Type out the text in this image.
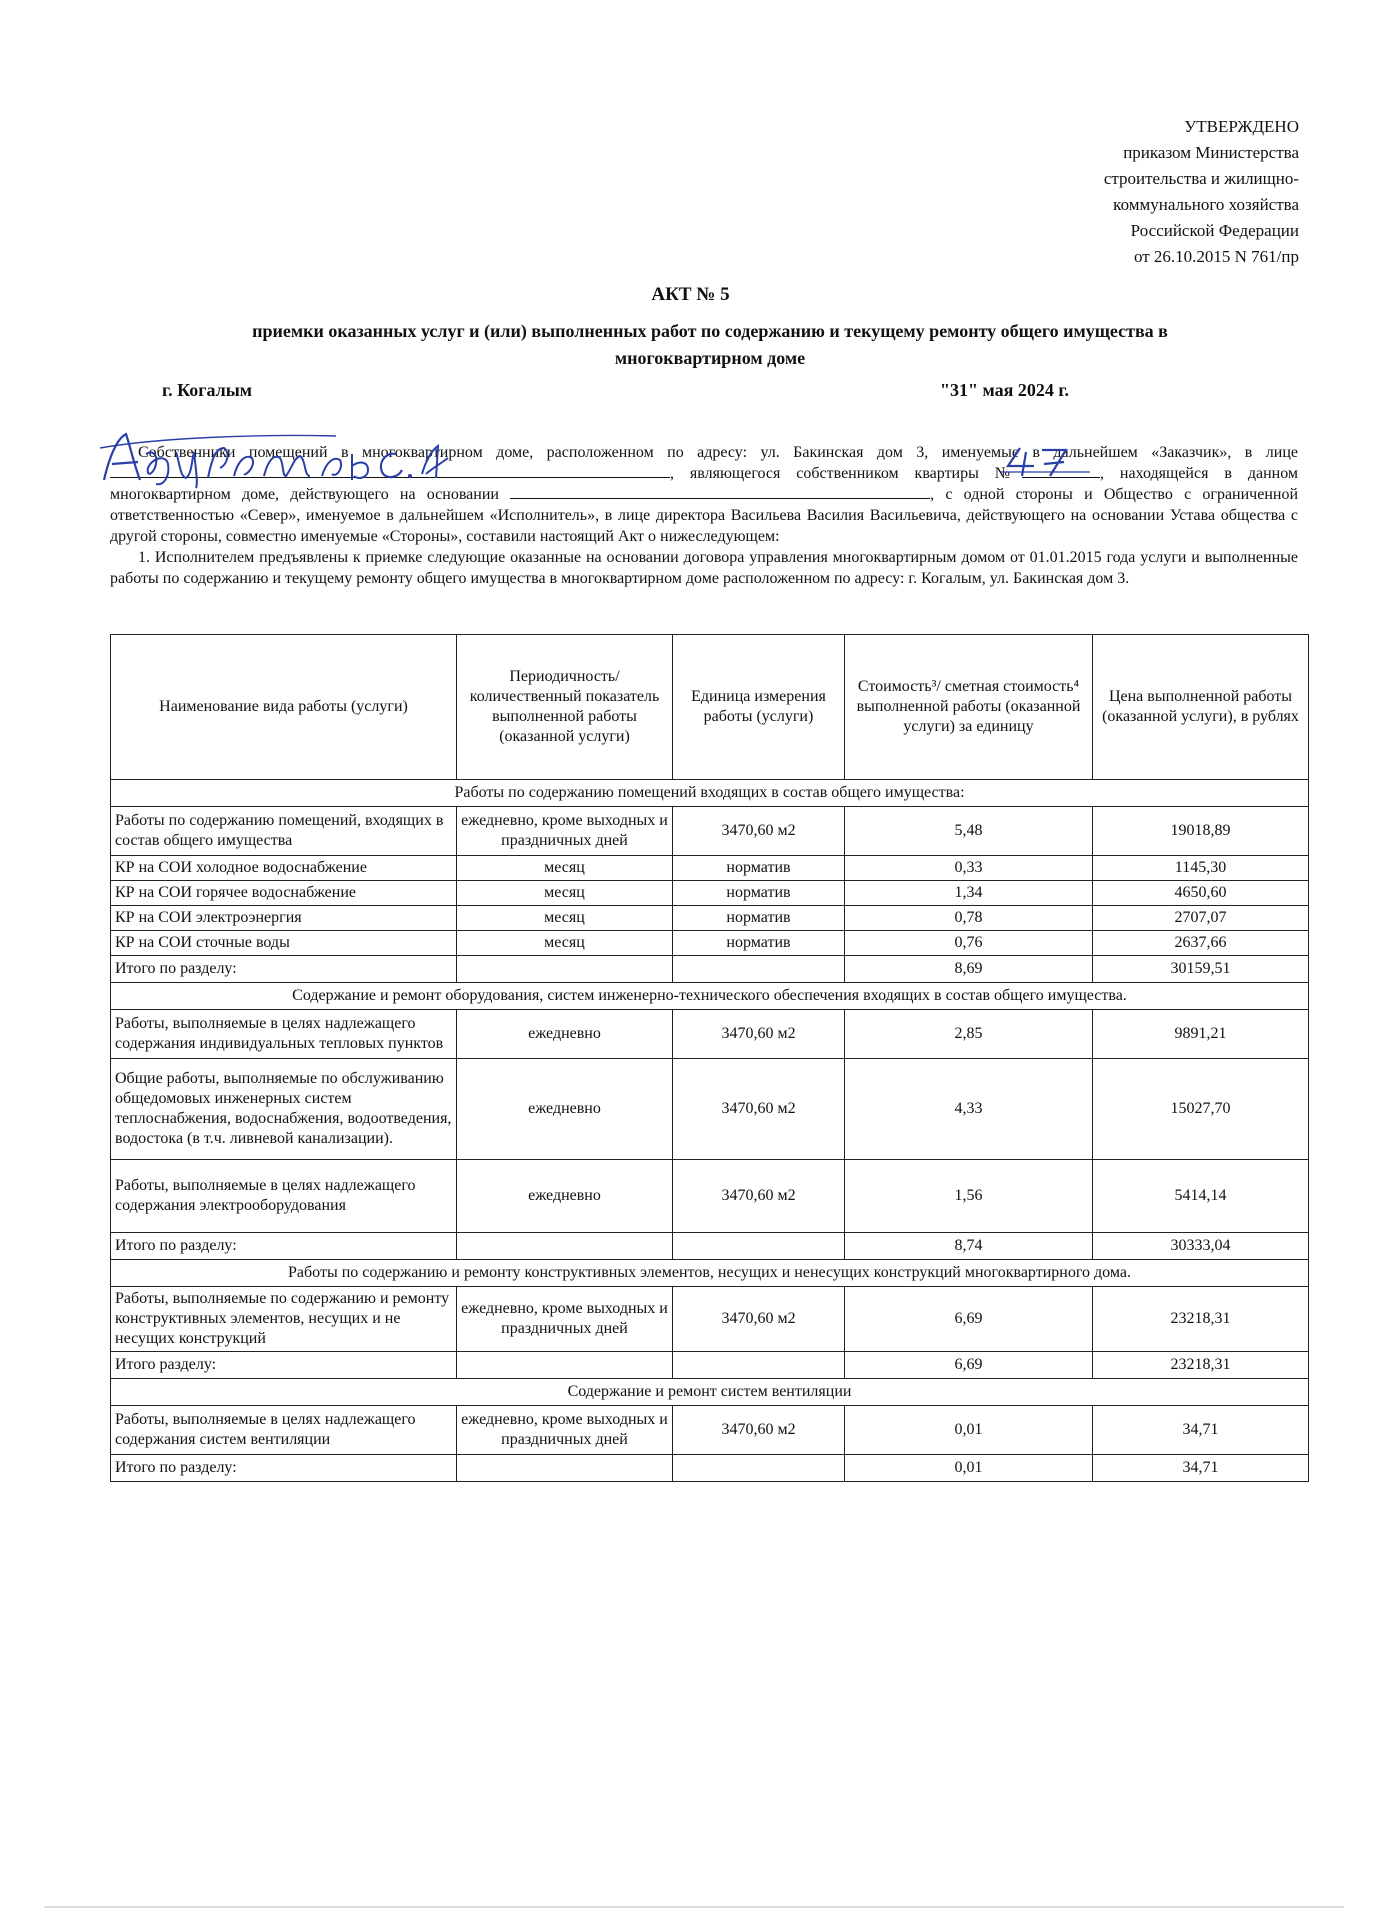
УТВЕРЖДЕНО
приказом Министерства
строительства и жилищно-
коммунального хозяйства
Российской Федерации
от 26.10.2015 N 761/пр
АКТ № 5
приемки оказанных услуг и (или) выполненных работ по содержанию и текущему ремонту общего имущества в многоквартирном доме
г. Когалым	"31" мая 2024 г.

Собственники помещений в многоквартирном доме, расположенном по адресу: ул. Бакинская дом 3, именуемые в дальнейшем «Заказчик», в лице , являющегося собственником квартиры №	, находящейся в данном многоквартирном доме, действующего на основании	, с одной стороны и Общество с ограниченной ответственностью «Север», именуемое в дальнейшем «Исполнитель», в лице директора Васильева Василия Васильевича, действующего на основании Устава общества с другой стороны, совместно именуемые «Стороны», составили настоящий Акт о нижеследующем:

1. Исполнителем предъявлены к приемке следующие оказанные на основании договора управления многоквартирным домом от 01.01.2015 года услуги и выполненные работы по содержанию и текущему ремонту общего имущества в многоквартирном доме расположенном по адресу: г. Когалым, ул. Бакинская дом 3.

Наименование вида работы (услуги)	Периодичность/ количественный показатель выполненной работы (оказанной услуги)	Единица измерения работы (услуги)	Стоимость³/ сметная стоимость⁴ выполненной работы (оказанной услуги) за единицу	Цена выполненной работы (оказанной услуги), в рублях
Работы по содержанию помещений входящих в состав общего имущества:				
Работы по содержанию помещений, входящих в состав общего имущества	ежедневно, кроме выходных и праздничных дней	3470,60 м2	5,48	19018,89
КР на СОИ холодное водоснабжение	месяц	норматив	0,33	1145,30
КР на СОИ горячее водоснабжение	месяц	норматив	1,34	4650,60
КР на СОИ электроэнергия	месяц	норматив	0,78	2707,07
КР на СОИ сточные воды	месяц	норматив	0,76	2637,66
Итого по разделу:			8,69	30159,51
Содержание и ремонт оборудования, систем инженерно-технического обеспечения входящих в состав общего имущества.				
Работы, выполняемые в целях надлежащего содержания индивидуальных тепловых пунктов	ежедневно	3470,60 м2	2,85	9891,21
Общие работы, выполняемые по обслуживанию общедомовых инженерных систем теплоснабжения, водоснабжения, водоотведения, водостока (в т.ч. ливневой канализации).	ежедневно	3470,60 м2	4,33	15027,70
Работы, выполняемые в целях надлежащего содержания электрооборудования	ежедневно	3470,60 м2	1,56	5414,14
Итого по разделу:			8,74	30333,04
Работы по содержанию и ремонту конструктивных элементов, несущих и ненесущих конструкций многоквартирного дома.				
Работы, выполняемые по содержанию и ремонту конструктивных элементов, несущих и не несущих конструкций	ежедневно, кроме выходных и праздничных дней	3470,60 м2	6,69	23218,31
Итого разделу:			6,69	23218,31
Содержание и ремонт систем вентиляции				
Работы, выполняемые в целях надлежащего содержания систем вентиляции	ежедневно, кроме выходных и праздничных дней	3470,60 м2	0,01	34,71
Итого по разделу:			0,01	34,71
